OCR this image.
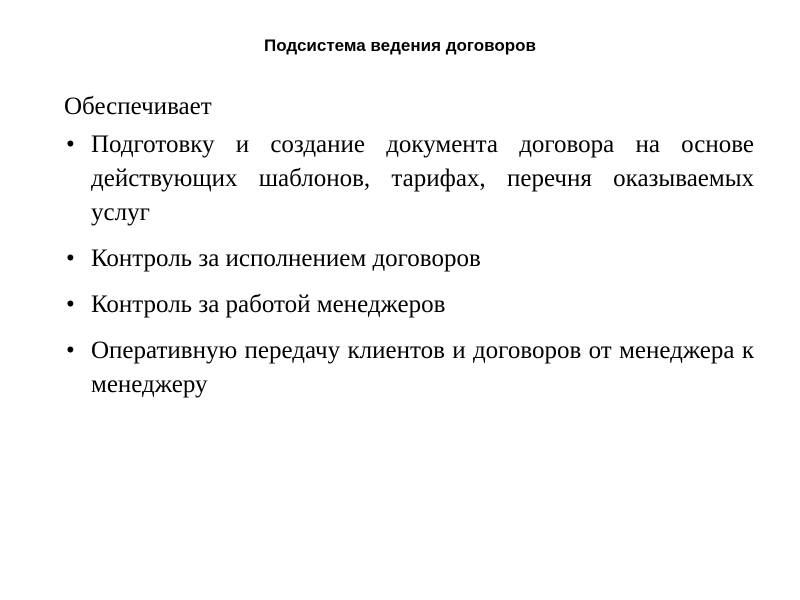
Подсистема ведения договоров

Обеспечивает

• Подготовку и создание документа договора на основе действующих шаблонов, тарифах, перечня оказываемых услуг
• Контроль за исполнением договоров
• Контроль за работой менеджеров
• Оперативную передачу клиентов и договоров от менеджера к менеджеру
